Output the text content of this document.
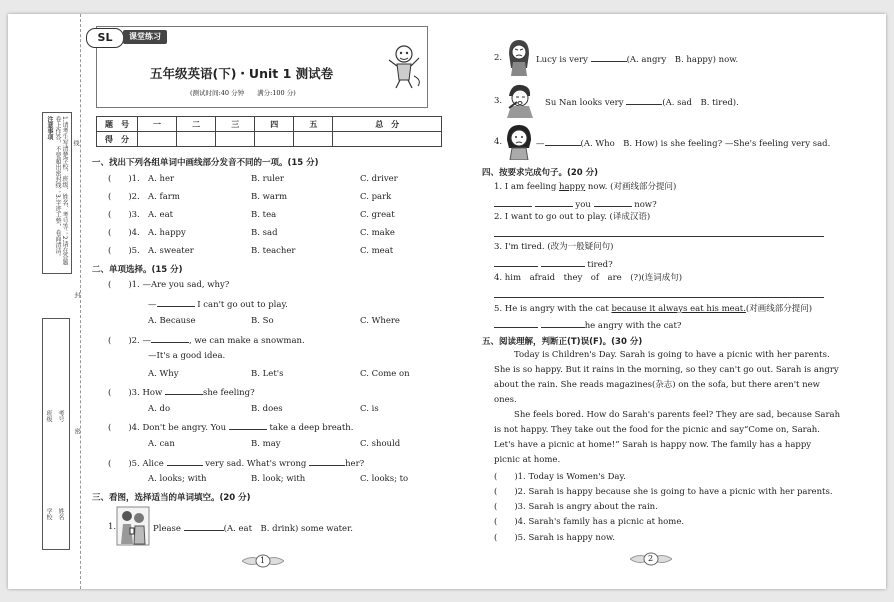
注意事项	1.请考生写清楚学校、班级、姓名、考号等；2.请在答题卷上作答，不要超出密封线；3.字迹工整，卷面清洁。	线
封
密
班级 考号
学校 姓名
SL	课堂练习
五年级英语(下)・Unit 1 测试卷
(测试时间:40 分钟　　满分:100 分)
题　号	一	二	三	四	五	总　分
得　分						
一、找出下列各组单词中画线部分发音不同的一项。(15 分)
(　　)1. A. her	B. ruler	C. driver
(　　)2. A. farm	B. warm	C. park
(　　)3. A. eat	B. tea	C. great
(　　)4. A. happy	B. sad	C. make
(　　)5. A. sweater	B. teacher	C. meat
二、单项选择。(15 分)
(　　)1. —Are you sad, why?
—	I can't go out to play.
A. Because	B. So	C. Where
(　　)2. —	, we can make a snowman.
—It's a good idea.
A. Why	B. Let's	C. Come on
(　　)3. How	she feeling?
A. do	B. does	C. is
(　　)4. Don't be angry. You	take a deep breath.
A. can	B. may	C. should
(　　)5. Alice	very sad. What's wrong	her?
A. looks; with	B. look; with	C. looks; to
三、看图，选择适当的单词填空。(20 分)
1.	Please	(A. eat　B. drink) some water.
1
2.	Lucy is very	(A. angry　B. happy) now.
3.	Su Nan looks very	(A. sad　B. tired).
4.	—	(A. Who　B. How) is she feeling? —She's feeling very sad.
四、按要求完成句子。(20 分)
1. I am feeling happy now. (对画线部分提问)
you	now?
2. I want to go out to play. (译成汉语)
3. I'm tired. (改为一般疑问句)
tired?
4. him　afraid　they　of　are　(?)(连词成句)
5. He is angry with the cat because it always eat his meat.(对画线部分提问)
he angry with the cat?
五、阅读理解，判断正(T)误(F)。(30 分)
Today is Children's Day. Sarah is going to have a picnic with her parents.
She is so happy. But it rains in the morning, so they can't go out. Sarah is angry
about the rain. She reads magazines(杂志) on the sofa, but there aren't new
ones.
She feels bored. How do Sarah's parents feel? They are sad, because Sarah
is not happy. They take out the food for the picnic and say“Come on, Sarah.
Let's have a picnic at home!” Sarah is happy now. The family has a happy
picnic at home.
(　　)1. Today is Women's Day.
(　　)2. Sarah is happy because she is going to have a picnic with her parents.
(　　)3. Sarah is angry about the rain.
(　　)4. Sarah's family has a picnic at home.
(　　)5. Sarah is happy now.
2
